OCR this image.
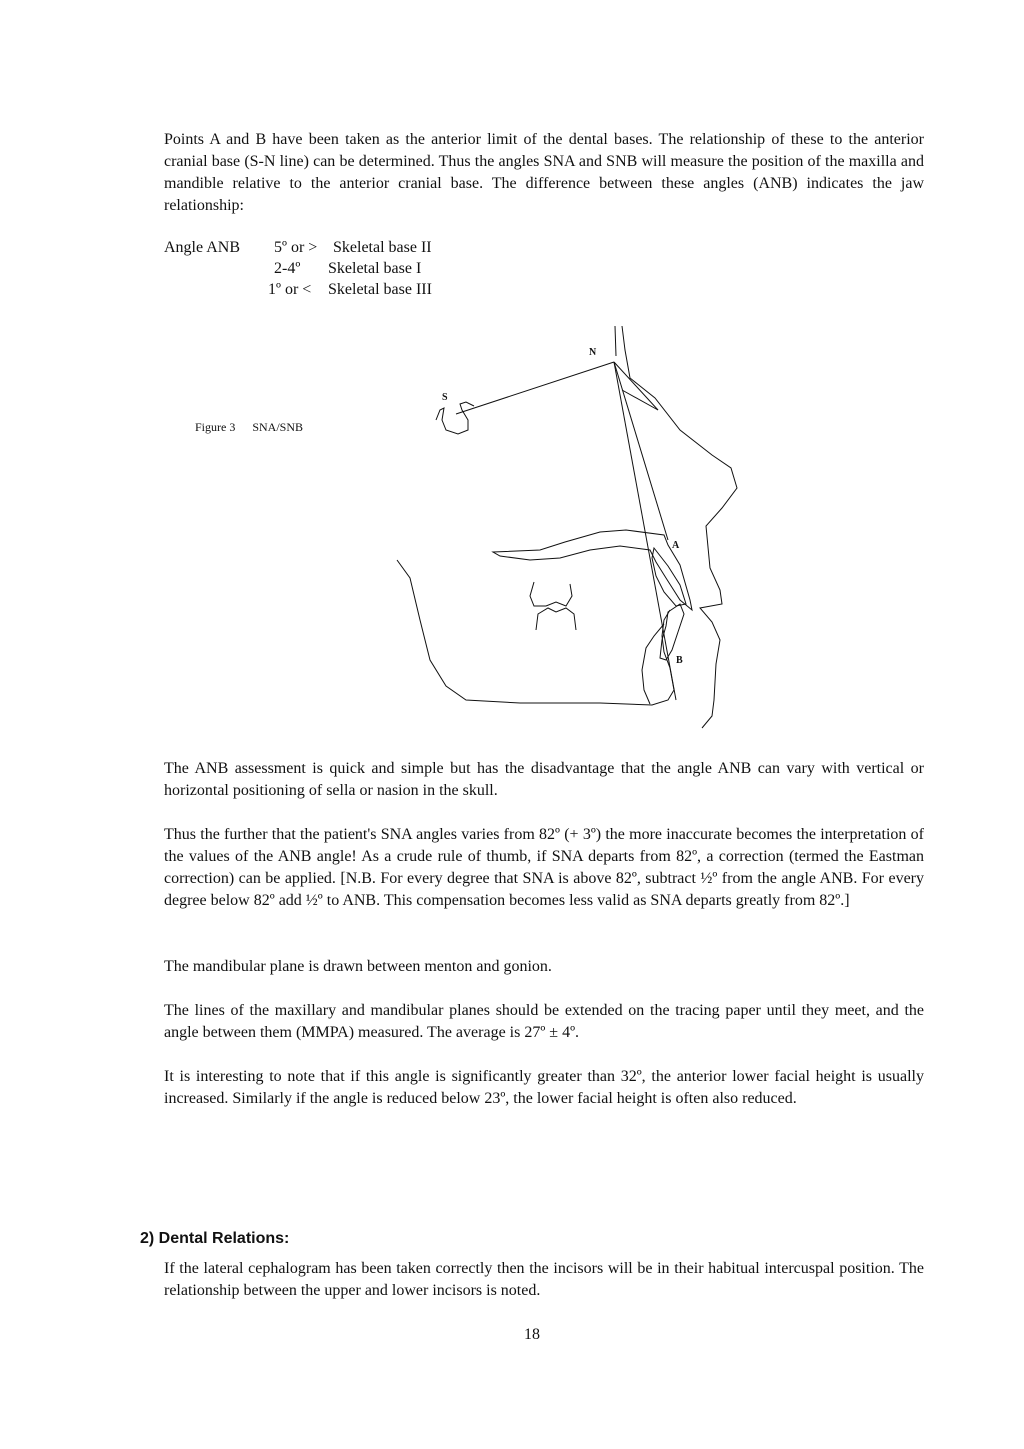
Points A and B have been taken as the anterior limit of the dental bases. The relationship of these to the anterior cranial base (S-N line) can be determined. Thus the angles SNA and SNB will measure the position of the maxilla and mandible relative to the anterior cranial base. The difference between these angles (ANB) indicates the jaw relationship:

Angle ANB 5º or > Skeletal base II
2-4º Skeletal base I
1º or < Skeletal base III
Figure 3 SNA/SNB
N
S
A
B

The ANB assessment is quick and simple but has the disadvantage that the angle ANB can vary with vertical or horizontal positioning of sella or nasion in the skull.

Thus the further that the patient's SNA angles varies from 82º (+ 3º) the more inaccurate becomes the interpretation of the values of the ANB angle! As a crude rule of thumb, if SNA departs from 82º, a correction (termed the Eastman correction) can be applied. [N.B. For every degree that SNA is above 82º, subtract ½º from the angle ANB. For every degree below 82º add ½º to ANB. This compensation becomes less valid as SNA departs greatly from 82º.]

The mandibular plane is drawn between menton and gonion.

The lines of the maxillary and mandibular planes should be extended on the tracing paper until they meet, and the angle between them (MMPA) measured. The average is 27º ± 4º.

It is interesting to note that if this angle is significantly greater than 32º, the anterior lower facial height is usually increased. Similarly if the angle is reduced below 23º, the lower facial height is often also reduced.

2) Dental Relations:

If the lateral cephalogram has been taken correctly then the incisors will be in their habitual intercuspal position. The relationship between the upper and lower incisors is noted.

18
